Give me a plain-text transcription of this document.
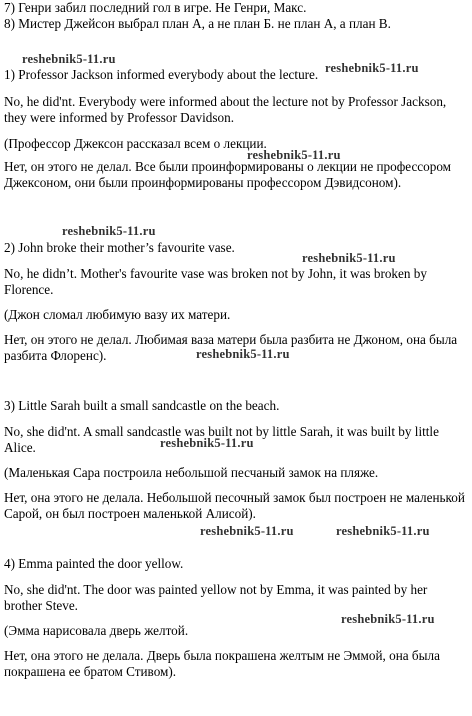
7) Генри забил последний гол в игре. Не Генри, Макс.
8) Мистер Джейсон выбрал план А, а не план Б. не план А, а план В.
reshebnik5-11.ru
reshebnik5-11.ru
reshebnik5-11.ru
reshebnik5-11.ru
reshebnik5-11.ru
reshebnik5-11.ru
reshebnik5-11.ru
reshebnik5-11.ru	reshebnik5-11.ru
reshebnik5-11.ru
1) Professor Jackson informed everybody about the lecture.
No, he did'nt. Everybody were informed about the lecture not by Professor Jackson, they were informed by Professor Davidson.
(Профессор Джексон рассказал всем о лекции.
Нет, он этого не делал. Все были проинформированы о лекции не профессором Джексоном, они были проинформированы профессором Дэвидсоном).
2) John broke their mother’s favourite vase.
No, he didn’t. Mother's favourite vase was broken not by John, it was broken by Florence.
(Джон сломал любимую вазу их матери.
Нет, он этого не делал. Любимая ваза матери была разбита не Джоном, она была разбита Флоренс).
3) Little Sarah built a small sandcastle on the beach.
No, she did'nt. A small sandcastle was built not by little Sarah, it was built by little Alice.
(Маленькая Сара построила небольшой песчаный замок на пляже.
Нет, она этого не делала. Небольшой песочный замок был построен не маленькой Сарой, он был построен маленькой Алисой).
4) Emma painted the door yellow.
No, she did'nt. The door was painted yellow not by Emma, it was painted by her brother Steve.
(Эмма нарисовала дверь желтой.
Нет, она этого не делала. Дверь была покрашена желтым не Эммой, она была покрашена ее братом Стивом).
